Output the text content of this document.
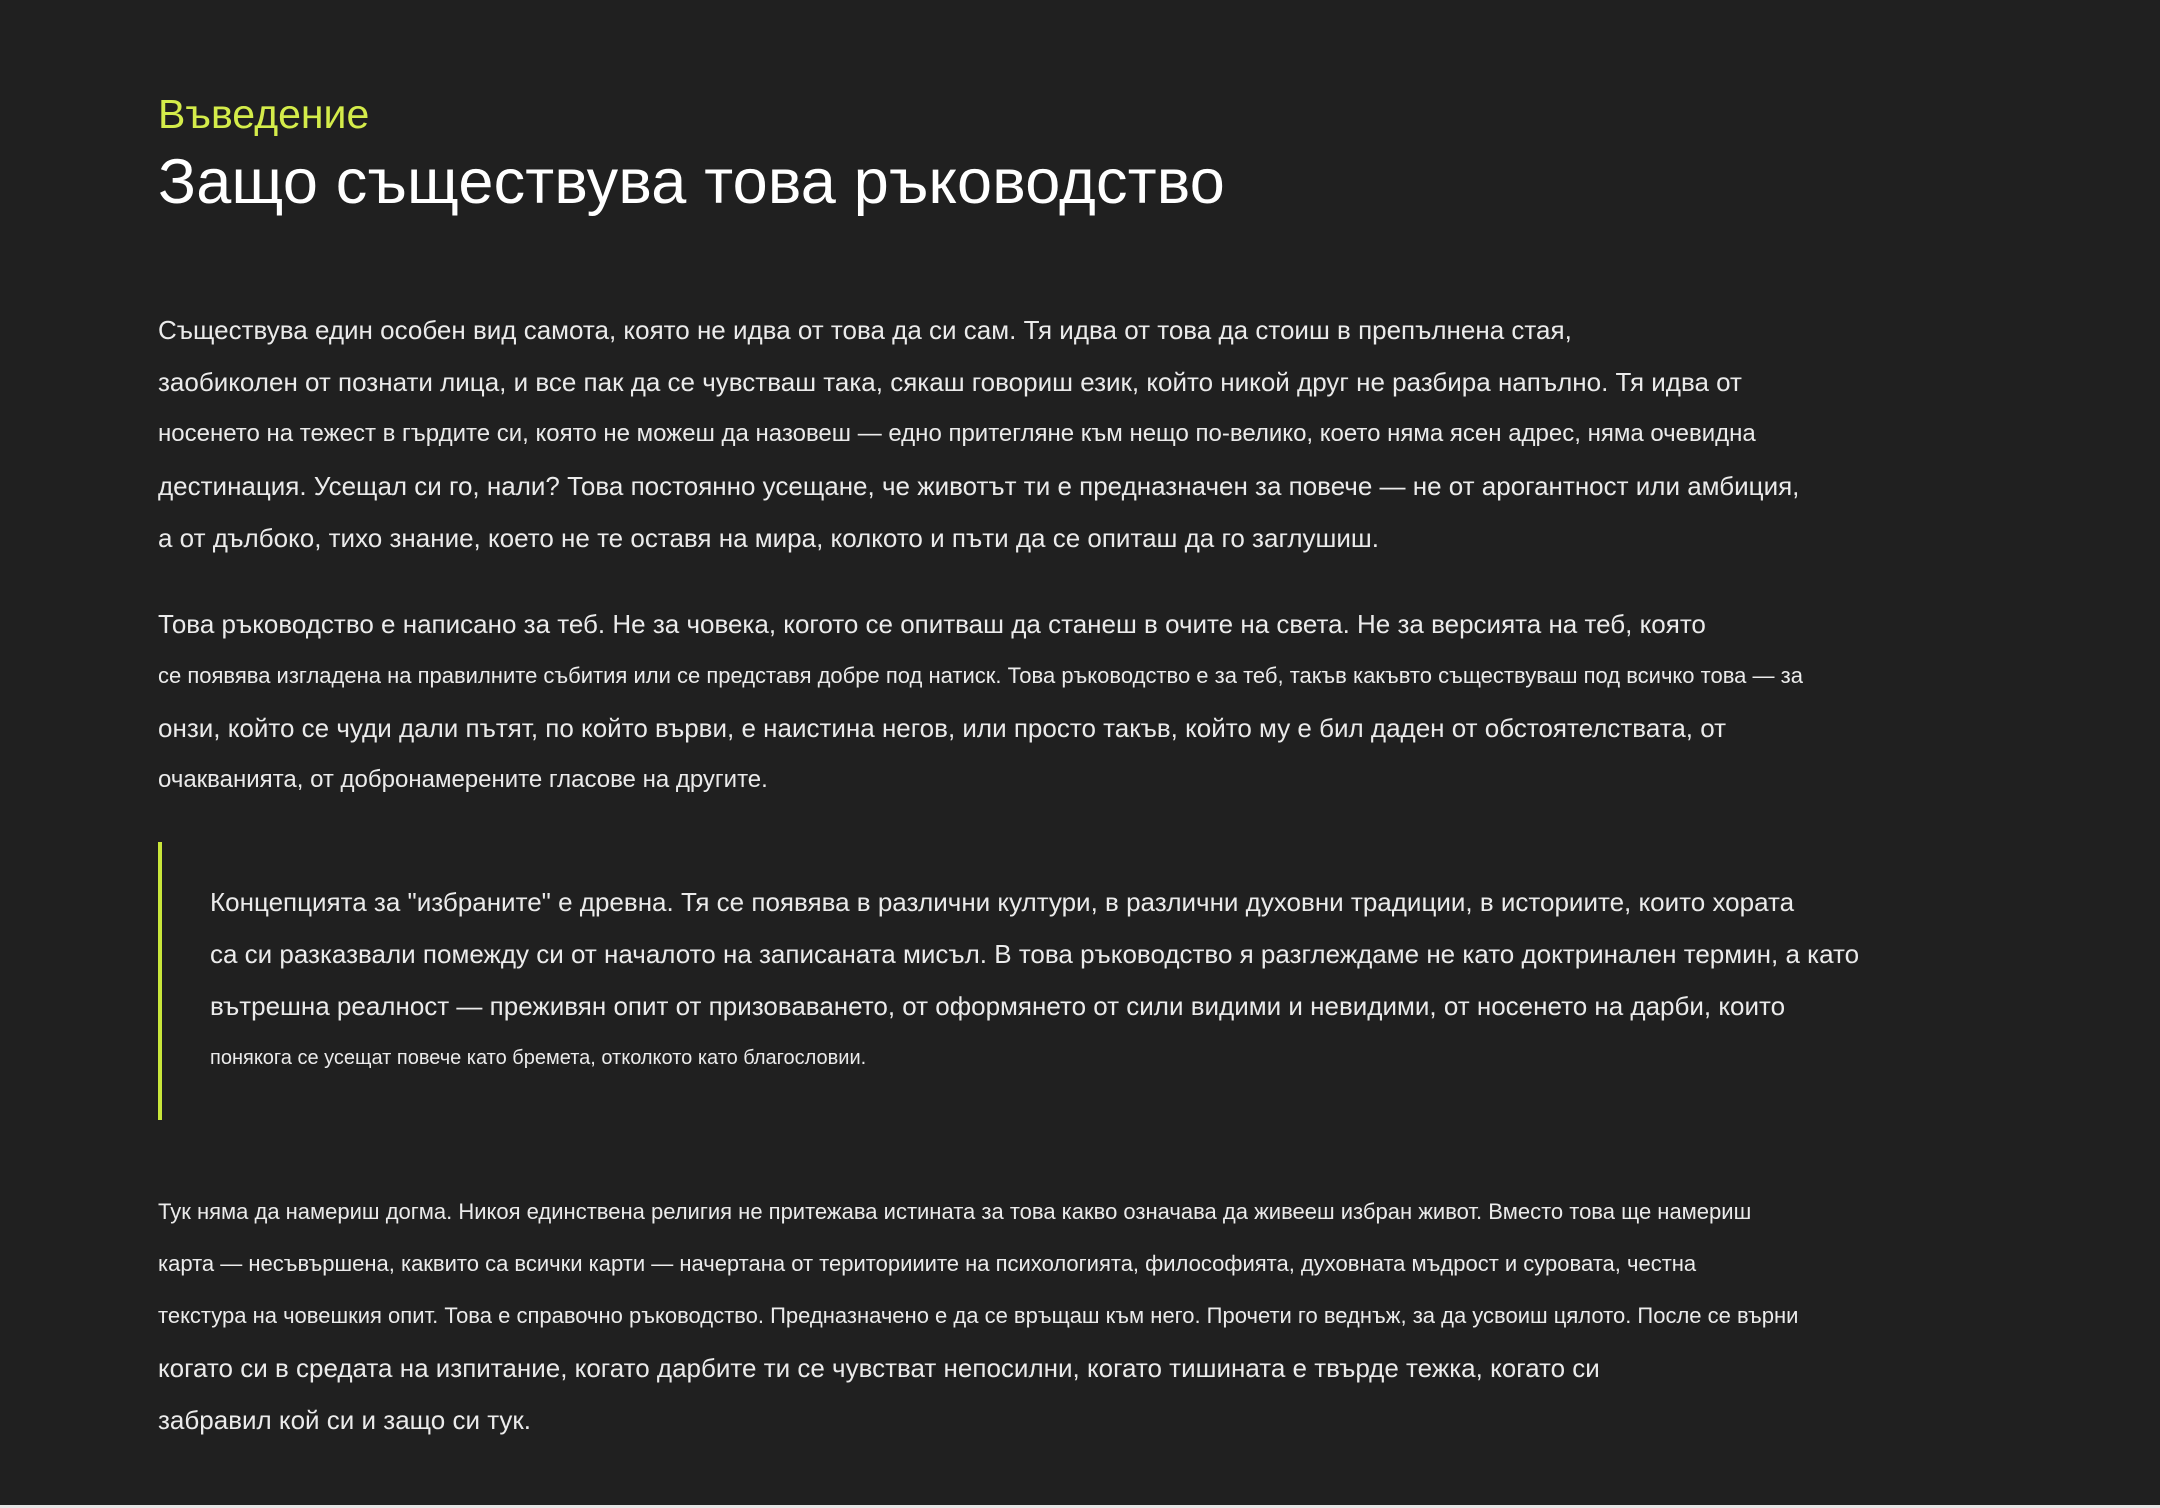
Въведение
Защо съществува това ръководство
Съществува един особен вид самота, която не идва от това да си сам. Тя идва от това да стоиш в препълнена стая,
заобиколен от познати лица, и все пак да се чувстваш така, сякаш говориш език, който никой друг не разбира напълно. Тя идва от
носенето на тежест в гърдите си, която не можеш да назовеш — едно притегляне към нещо по-велико, което няма ясен адрес, няма очевидна
дестинация. Усещал си го, нали? Това постоянно усещане, че животът ти е предназначен за повече — не от арогантност или амбиция,
а от дълбоко, тихо знание, което не те оставя на мира, колкото и пъти да се опиташ да го заглушиш.
Това ръководство е написано за теб. Не за човека, когото се опитваш да станеш в очите на света. Не за версията на теб, която
се появява изгладена на правилните събития или се представя добре под натиск. Това ръководство е за теб, такъв какъвто съществуваш под всичко това — за
онзи, който се чуди дали пътят, по който върви, е наистина негов, или просто такъв, който му е бил даден от обстоятелствата, от
очакванията, от добронамерените гласове на другите.
Концепцията за "избраните" е древна. Тя се появява в различни култури, в различни духовни традиции, в историите, които хората
са си разказвали помежду си от началото на записаната мисъл. В това ръководство я разглеждаме не като доктринален термин, а като
вътрешна реалност — преживян опит от призоваването, от оформянето от сили видими и невидими, от носенето на дарби, които
понякога се усещат повече като бремета, отколкото като благословии.
Тук няма да намериш догма. Никоя единствена религия не притежава истината за това какво означава да живееш избран живот. Вместо това ще намериш
карта — несъвършена, каквито са всички карти — начертана от територииите на психологията, философията, духовната мъдрост и суровата, честна
текстура на човешкия опит. Това е справочно ръководство. Предназначено е да се връщаш към него. Прочети го веднъж, за да усвоиш цялото. После се върни
когато си в средата на изпитание, когато дарбите ти се чувстват непосилни, когато тишината е твърде тежка, когато си
забравил кой си и защо си тук.
